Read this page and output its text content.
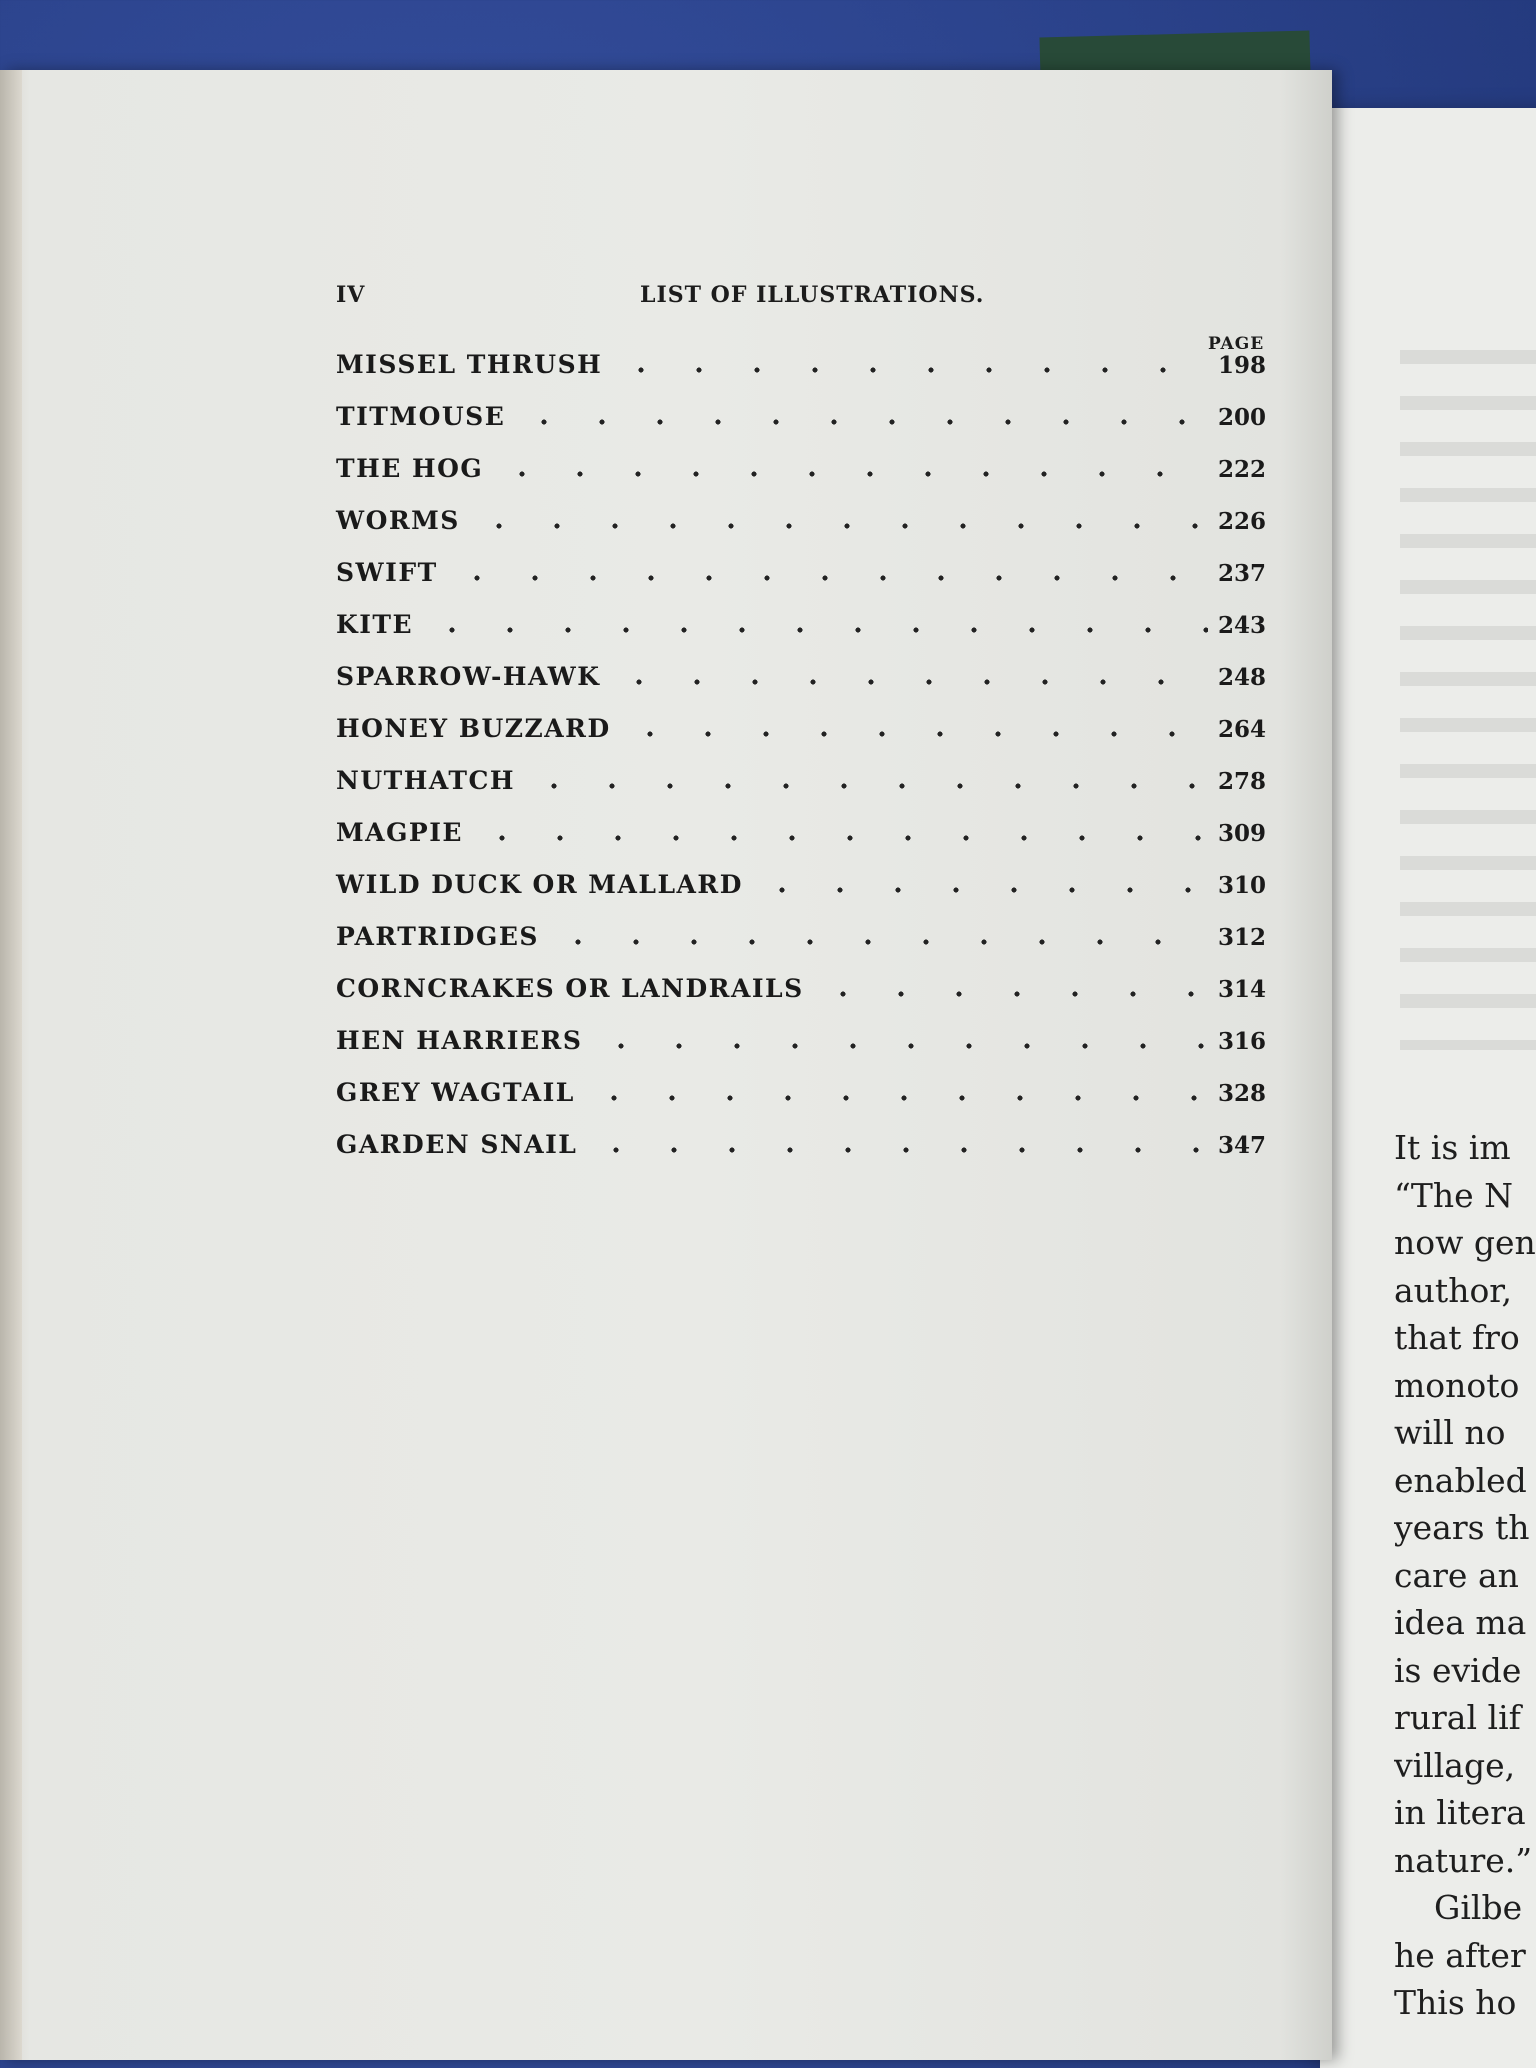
It is im
“The N
now gen
author,
that fro
monoto
will no
enabled
years th
care an
idea ma
is evide
rural lif
village,
in litera
nature.”
Gilbe
he after
This ho
IV	LIST OF ILLUSTRATIONS.
PAGE
MISSEL THRUSH	198
TITMOUSE	200
THE HOG	222
WORMS	226
SWIFT	237
KITE	243
SPARROW-HAWK	248
HONEY BUZZARD	264
NUTHATCH	278
MAGPIE	309
WILD DUCK OR MALLARD	310
PARTRIDGES	312
CORNCRAKES OR LANDRAILS	314
HEN HARRIERS	316
GREY WAGTAIL	328
GARDEN SNAIL	347
